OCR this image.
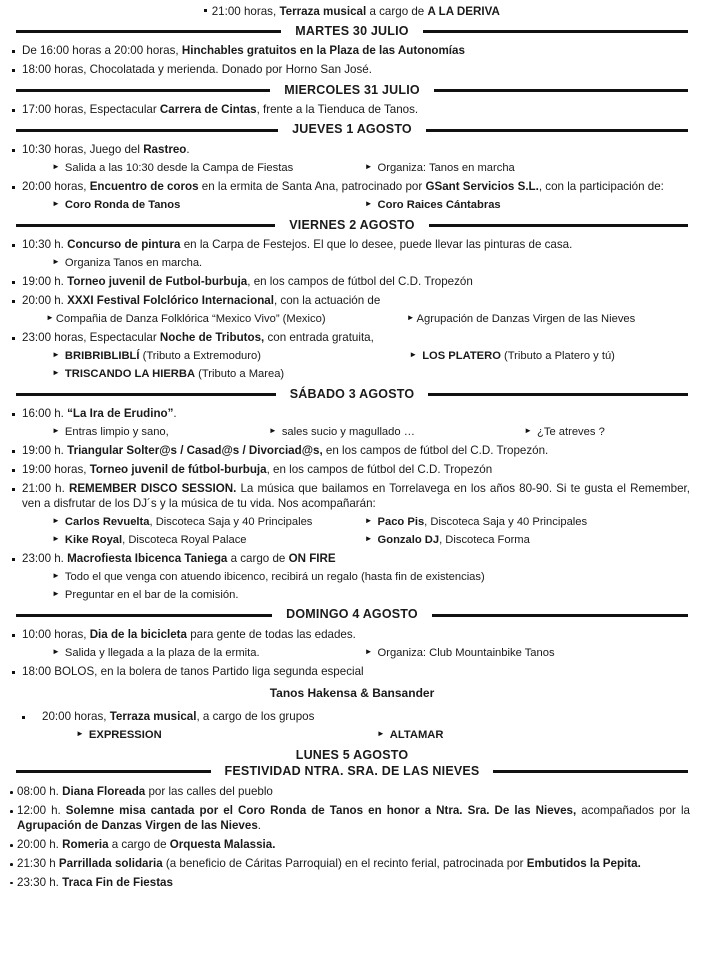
21:00 horas, Terraza musical a cargo de A LA DERIVA
MARTES 30 JULIO
De 16:00 horas a 20:00 horas, Hinchables gratuitos en la Plaza de las Autonomías
18:00 horas, Chocolatada y merienda. Donado por Horno San José.
MIERCOLES 31 JULIO
17:00 horas, Espectacular Carrera de Cintas, frente a la Tienduca de Tanos.
JUEVES 1 AGOSTO
10:30 horas, Juego del Rastreo.
► Salida a las 10:30 desde la Campa de Fiestas	► Organiza: Tanos en marcha
20:00 horas, Encuentro de coros en la ermita de Santa Ana, patrocinado por GSant Servicios S.L., con la participación de:
► Coro Ronda de Tanos	► Coro Raices Cántabras
VIERNES 2 AGOSTO
10:30 h. Concurso de pintura en la Carpa de Festejos. El que lo desee, puede llevar las pinturas de casa.
► Organiza Tanos en marcha.
19:00 h. Torneo juvenil de Futbol-burbuja, en los campos de fútbol del C.D. Tropezón
20:00 h. XXXI Festival Folclórico Internacional, con la actuación de
► Compañia de Danza Folklórica “Mexico Vivo” (Mexico)	► Agrupación de Danzas Virgen de las Nieves
23:00 horas, Espectacular Noche de Tributos, con entrada gratuita,
► BRIBRIBLIBLÍ (Tributo a Extremoduro)	► LOS PLATERO (Tributo a Platero y tú)
► TRISCANDO LA HIERBA (Tributo a Marea)
SÁBADO 3 AGOSTO
16:00 h. “La Ira de Erudino”.
► Entras limpio y sano,	► sales sucio y magullado …	► ¿Te atreves ?
19:00 h. Triangular Solter@s / Casad@s / Divorciad@s, en los campos de fútbol del C.D. Tropezón.
19:00 horas, Torneo juvenil de fútbol-burbuja, en los campos de fútbol del C.D. Tropezón
21:00 h. REMEMBER DISCO SESSION. La música que bailamos en Torrelavega en los años 80-90. Si te gusta el Remember, ven a disfrutar de los DJ´s y la música de tu vida. Nos acompañarán:
► Carlos Revuelta, Discoteca Saja y 40 Principales	► Paco Pis, Discoteca Saja y 40 Principales
► Kike Royal, Discoteca Royal Palace	► Gonzalo DJ, Discoteca Forma
23:00 h. Macrofiesta Ibicenca Taniega a cargo de ON FIRE
► Todo el que venga con atuendo ibicenco, recibirá un regalo (hasta fin de existencias)
► Preguntar en el bar de la comisión.
DOMINGO 4 AGOSTO
10:00 horas, Dia de la bicicleta para gente de todas las edades.
► Salida y llegada a la plaza de la ermita.	► Organiza: Club Mountainbike Tanos
18:00 BOLOS, en la bolera de tanos Partido liga segunda especial
Tanos Hakensa & Bansander
20:00 horas, Terraza musical, a cargo de los grupos
► EXPRESSION	► ALTAMAR
LUNES 5 AGOSTO
FESTIVIDAD NTRA. SRA. DE LAS NIEVES
08:00 h. Diana Floreada por las calles del pueblo
12:00 h. Solemne misa cantada por el Coro Ronda de Tanos en honor a Ntra. Sra. De las Nieves, acompañados por la Agrupación de Danzas Virgen de las Nieves.
20:00 h. Romeria a cargo de Orquesta Malassia.
21:30 h Parrillada solidaria (a beneficio de Cáritas Parroquial) en el recinto ferial, patrocinada por Embutidos la Pepita.
23:30 h. Traca Fin de Fiestas
